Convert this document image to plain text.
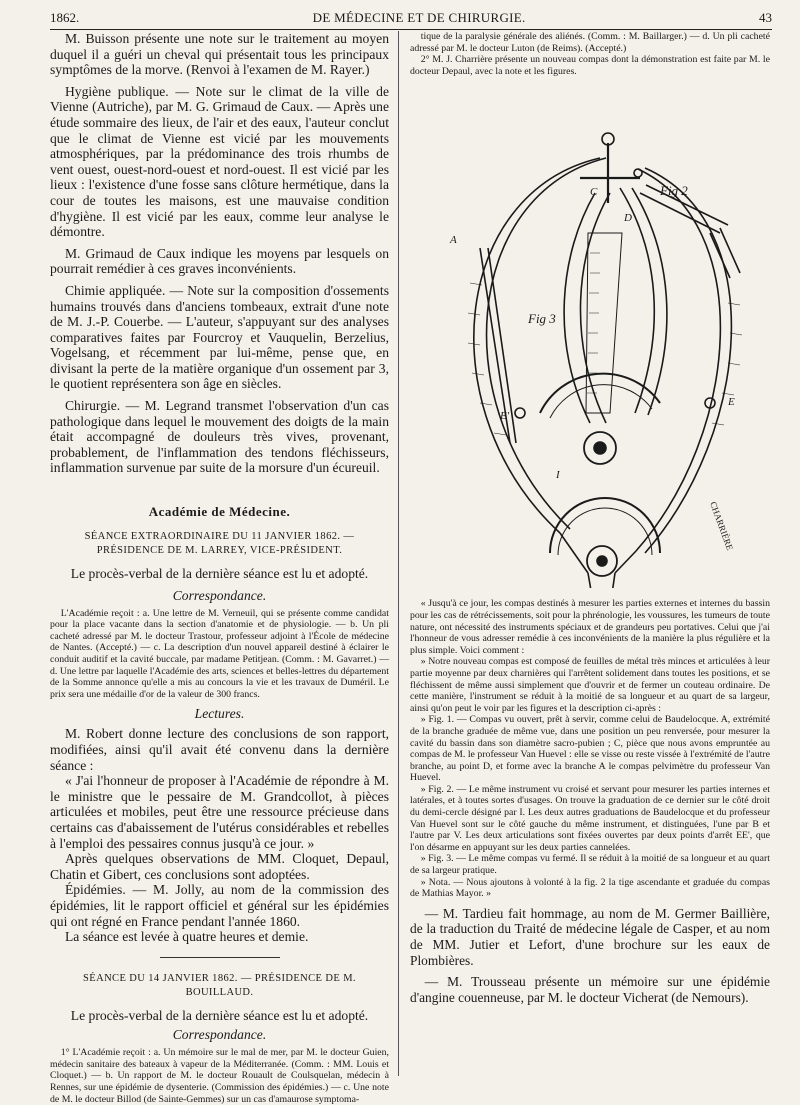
1862.	DE MÉDECINE ET DE CHIRURGIE.	43

M. Buisson présente une note sur le traitement au moyen duquel il a guéri un cheval qui présentait tous les principaux symptômes de la morve. (Renvoi à l'examen de M. Rayer.)

Hygiène publique. — Note sur le climat de la ville de Vienne (Autriche), par M. G. Grimaud de Caux. — Après une étude sommaire des lieux, de l'air et des eaux, l'auteur conclut que le climat de Vienne est vicié par les mouvements atmosphériques, par la prédominance des trois rhumbs de vent ouest, ouest-nord-ouest et nord-ouest. Il est vicié par les lieux : l'existence d'une fosse sans clôture hermétique, dans la cour de toutes les maisons, est une mauvaise condition d'hygiène. Il est vicié par les eaux, comme leur analyse le démontre.

M. Grimaud de Caux indique les moyens par lesquels on pourrait remédier à ces graves inconvénients.

Chimie appliquée. — Note sur la composition d'ossements humains trouvés dans d'anciens tombeaux, extrait d'une note de M. J.-P. Couerbe. — L'auteur, s'appuyant sur des analyses comparatives faites par Fourcroy et Vauquelin, Berzelius, Vogelsang, et récemment par lui-même, pense que, en divisant la perte de la matière organique d'un ossement par 3, le quotient représentera son âge en siècles.

Chirurgie. — M. Legrand transmet l'observation d'un cas pathologique dans lequel le mouvement des doigts de la main était accompagné de douleurs très vives, provenant, probablement, de l'inflammation des tendons fléchisseurs, inflammation survenue par suite de la morsure d'un écureuil.

Académie de Médecine.

SÉANCE EXTRAORDINAIRE DU 11 JANVIER 1862. — PRÉSIDENCE DE M. LARREY, VICE-PRÉSIDENT.

Le procès-verbal de la dernière séance est lu et adopté.

Correspondance.

L'Académie reçoit : a. Une lettre de M. Verneuil, qui se présente comme candidat pour la place vacante dans la section d'anatomie et de physiologie. — b. Un pli cacheté adressé par M. le docteur Trastour, professeur adjoint à l'École de médecine de Nantes. (Accepté.) — c. La description d'un nouvel appareil destiné à éclairer le conduit auditif et la cavité buccale, par madame Petitjean. (Comm. : M. Gavarret.) — d. Une lettre par laquelle l'Académie des arts, sciences et belles-lettres du département de la Somme annonce qu'elle a mis au concours la vie et les travaux de Duméril. Le prix sera une médaille d'or de la valeur de 300 francs.

Lectures.

M. Robert donne lecture des conclusions de son rapport, modifiées, ainsi qu'il avait été convenu dans la dernière séance :

« J'ai l'honneur de proposer à l'Académie de répondre à M. le ministre que le pessaire de M. Grandcollot, à pièces articulées et mobiles, peut être une ressource précieuse dans certains cas d'abaissement de l'utérus considérables et rebelles à l'emploi des pessaires connus jusqu'à ce jour. »

Après quelques observations de MM. Cloquet, Depaul, Chatin et Gibert, ces conclusions sont adoptées.

Épidémies. — M. Jolly, au nom de la commission des épidémies, lit le rapport officiel et général sur les épidémies qui ont régné en France pendant l'année 1860.

La séance est levée à quatre heures et demie.

SÉANCE DU 14 JANVIER 1862. — PRÉSIDENCE DE M. BOUILLAUD.

Le procès-verbal de la dernière séance est lu et adopté.

Correspondance.

1° L'Académie reçoit : a. Un mémoire sur le mal de mer, par M. le docteur Guien, médecin sanitaire des bateaux à vapeur de la Méditerranée. (Comm. : MM. Louis et Cloquet.) — b. Un rapport de M. le docteur Rouault de Coulsquelan, médecin à Rennes, sur une épidémie de dysenterie. (Commission des épidémies.) — c. Une note de M. le docteur Billod (de Sainte-Gemmes) sur un cas d'amaurose symptoma-

tique de la paralysie générale des aliénés. (Comm. : M. Baillarger.) — d. Un pli cacheté adressé par M. le docteur Luton (de Reims). (Accepté.)

2° M. J. Charrière présente un nouveau compas dont la démonstration est faite par M. le docteur Depaul, avec la note et les figures.

Fig 2
Fig 3
A
C
D
E
E'
I
CHARRIÈRE

« Jusqu'à ce jour, les compas destinés à mesurer les parties externes et internes du bassin pour les cas de rétrécissements, soit pour la phrénologie, les voussures, les tumeurs de toute nature, ont nécessité des instruments spéciaux et de grandeurs peu portatives. Celui que j'ai l'honneur de vous adresser remédie à ces inconvénients de la manière la plus régulière et la plus simple. Voici comment :

» Notre nouveau compas est composé de feuilles de métal très minces et articulées à leur partie moyenne par deux charnières qui l'arrêtent solidement dans toutes les positions, et se fléchissent de même aussi simplement que d'ouvrir et de fermer un couteau ordinaire. De cette manière, l'instrument se réduit à la moitié de sa longueur et au quart de sa largeur, ainsi qu'on peut le voir par les figures et la description ci-après :

» Fig. 1. — Compas vu ouvert, prêt à servir, comme celui de Baudelocque. A, extrémité de la branche graduée de même vue, dans une position un peu renversée, pour mesurer la cavité du bassin dans son diamètre sacro-pubien ; C, pièce que nous avons empruntée au compas de M. le professeur Van Huevel : elle se visse ou reste vissée à l'extrémité de l'autre branche, au point D, et forme avec la branche A le compas pelvimètre du professeur Van Huevel.

» Fig. 2. — Le même instrument vu croisé et servant pour mesurer les parties internes et latérales, et à toutes sortes d'usages. On trouve la graduation de ce dernier sur le côté droit du demi-cercle désigné par I. Les deux autres graduations de Baudelocque et du professeur Van Huevel sont sur le côté gauche du même instrument, et distinguées, l'une par B et l'autre par V. Les deux articulations sont fixées ouvertes par deux points d'arrêt EE', que l'on désarme en appuyant sur les deux parties cannelées.

» Fig. 3. — Le même compas vu fermé. Il se réduit à la moitié de sa longueur et au quart de sa largeur pratique.

» Nota. — Nous ajoutons à volonté à la fig. 2 la tige ascendante et graduée du compas de Mathias Mayor. »

— M. Tardieu fait hommage, au nom de M. Germer Baillière, de la traduction du Traité de médecine légale de Casper, et au nom de MM. Jutier et Lefort, d'une brochure sur les eaux de Plombières.

— M. Trousseau présente un mémoire sur une épidémie d'angine couenneuse, par M. le docteur Vicherat (de Nemours).
